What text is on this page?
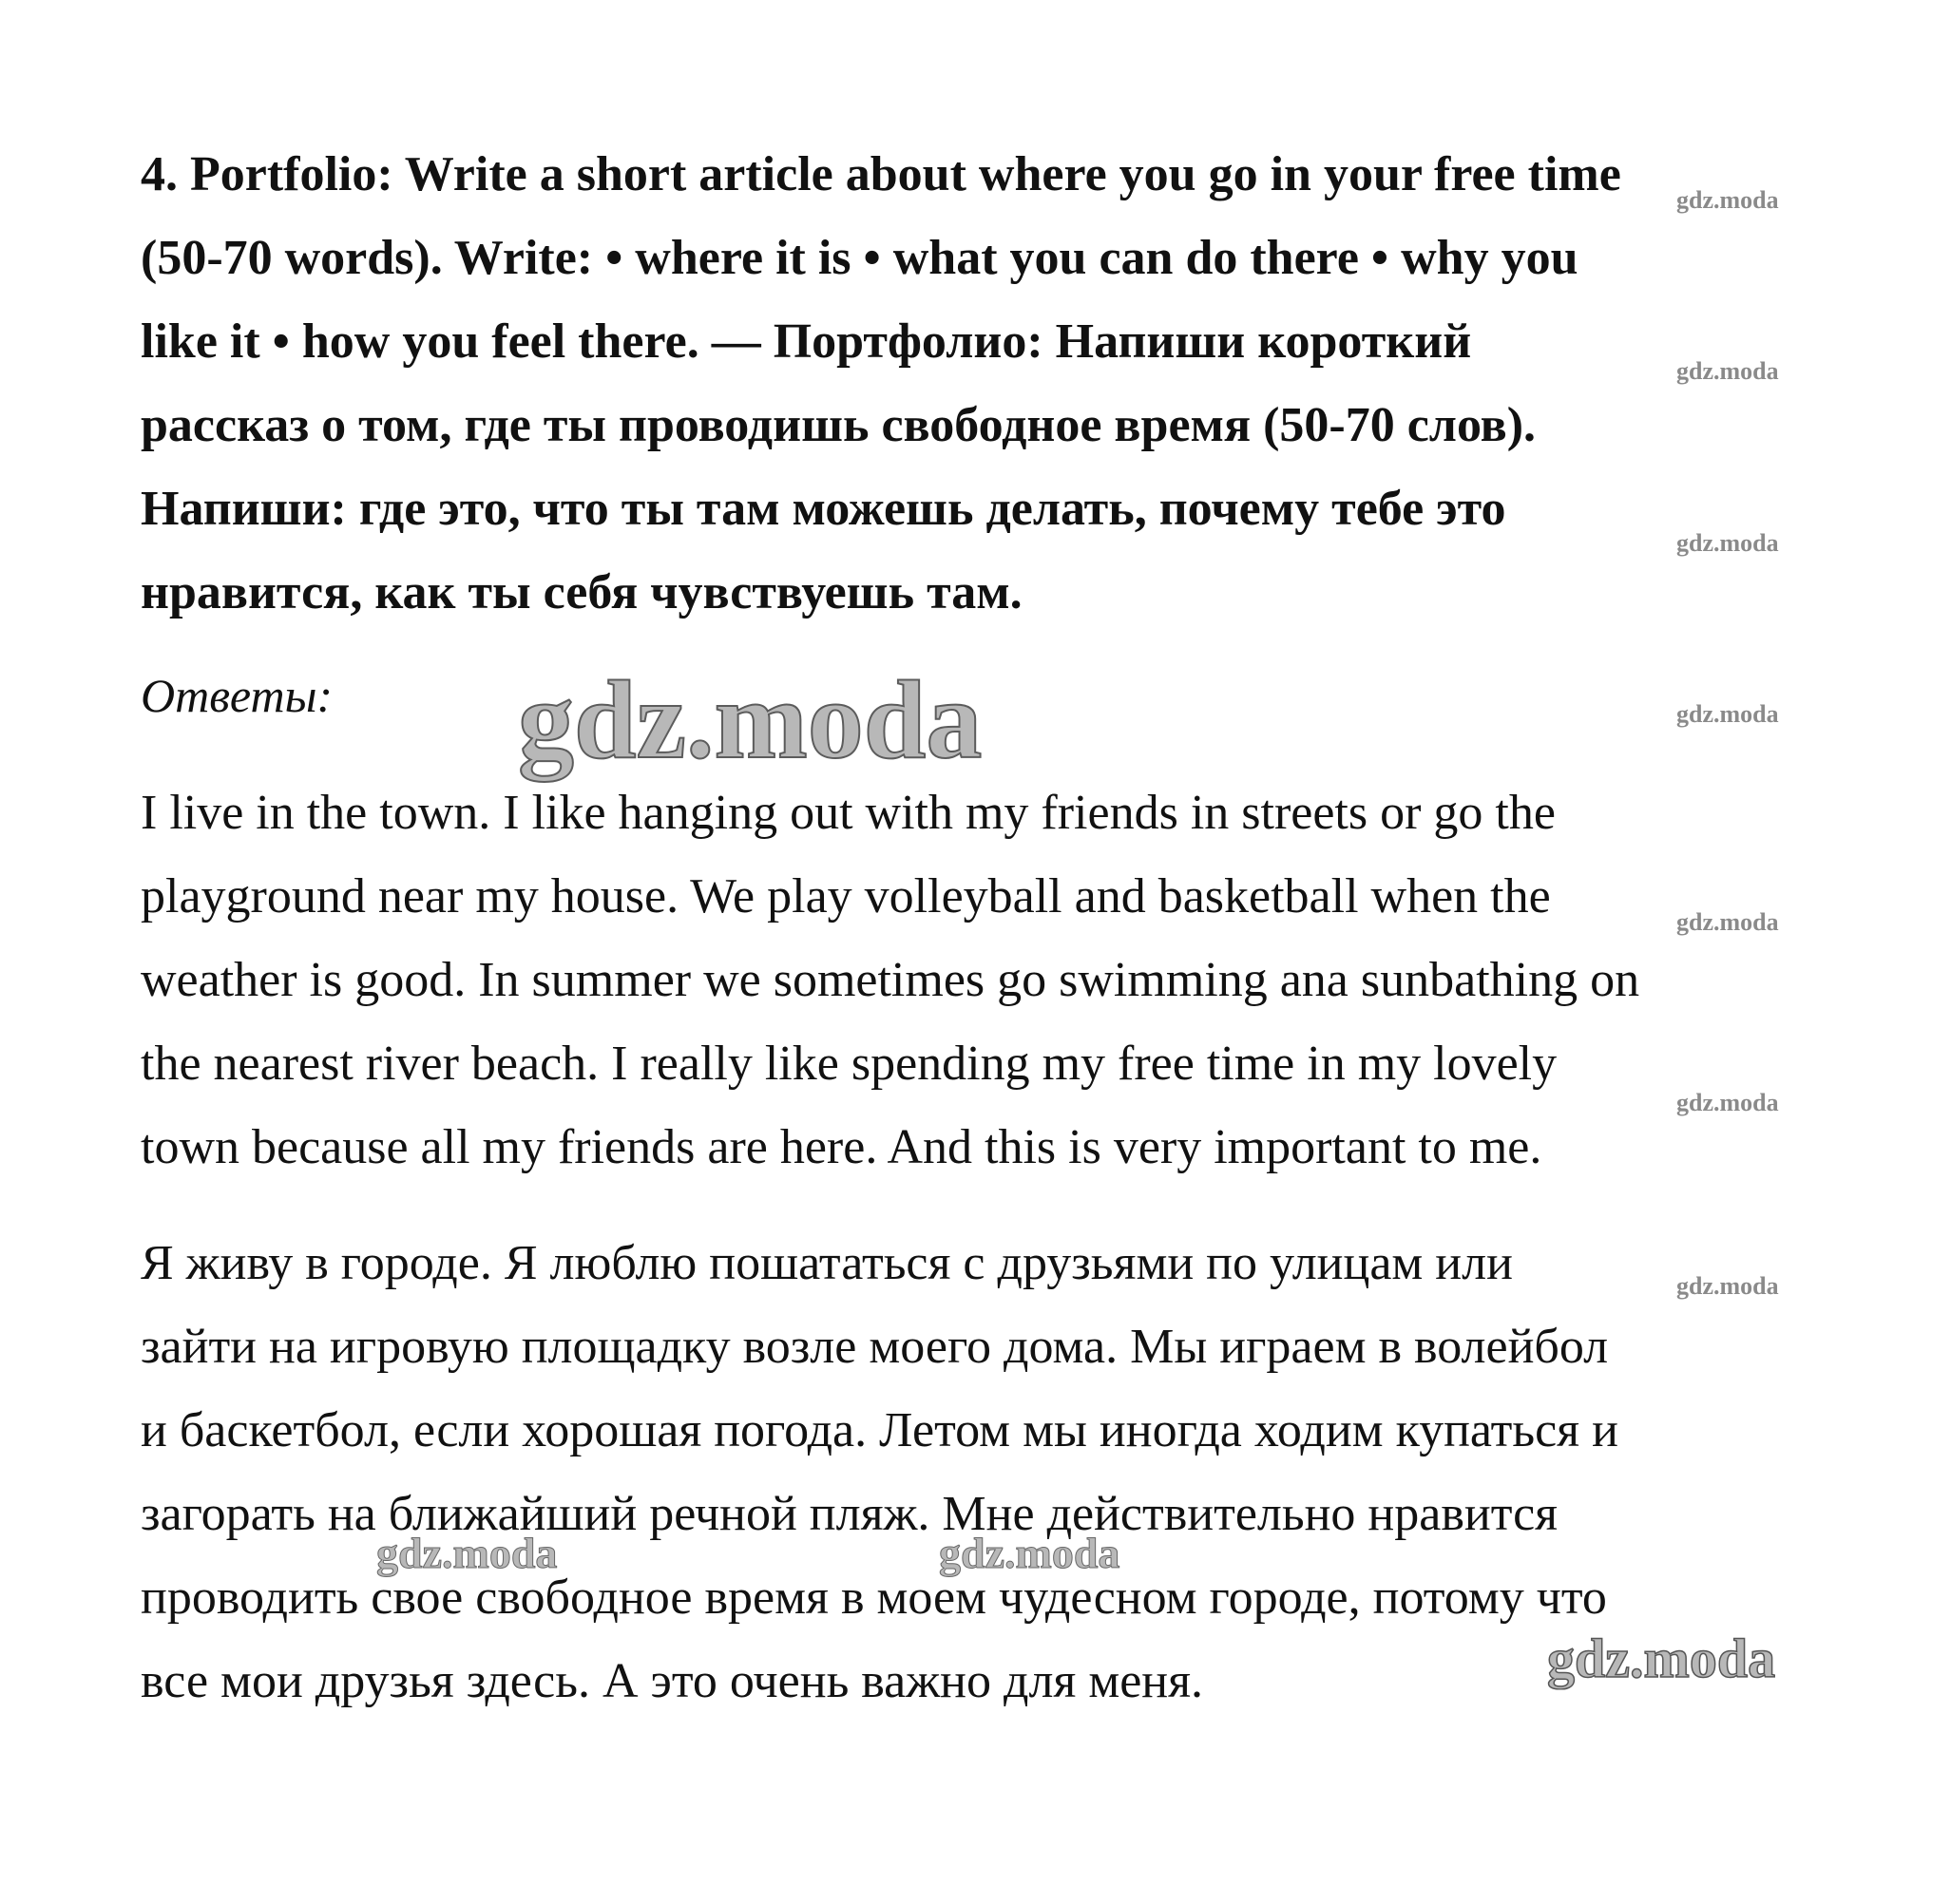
4. Portfolio: Write a short article about where you go in your free time
(50-70 words). Write: • where it is • what you can do there • why you
like it • how you feel there. — Портфолио: Напиши короткий
рассказ о том, где ты проводишь свободное время (50-70 слов).
Напиши: где это, что ты там можешь делать, почему тебе это
нравится, как ты себя чувствуешь там.
Ответы:
I live in the town. I like hanging out with my friends in streets or go the
playground near my house. We play volleyball and basketball when the
weather is good. In summer we sometimes go swimming ana sunbathing on
the nearest river beach. I really like spending my free time in my lovely
town because all my friends are here. And this is very important to me.
Я живу в городе. Я люблю пошататься с друзьями по улицам или
зайти на игровую площадку возле моего дома. Мы играем в волейбол
и баскетбол, если хорошая погода. Летом мы иногда ходим купаться и
загорать на ближайший речной пляж. Мне действительно нравится
проводить свое свободное время в моем чудесном городе, потому что
все мои друзья здесь. А это очень важно для меня.
gdz.moda
gdz.moda
gdz.moda
gdz.moda
gdz.moda
gdz.moda
gdz.moda
gdz.moda
gdz.moda	gdz.moda
gdz.moda
